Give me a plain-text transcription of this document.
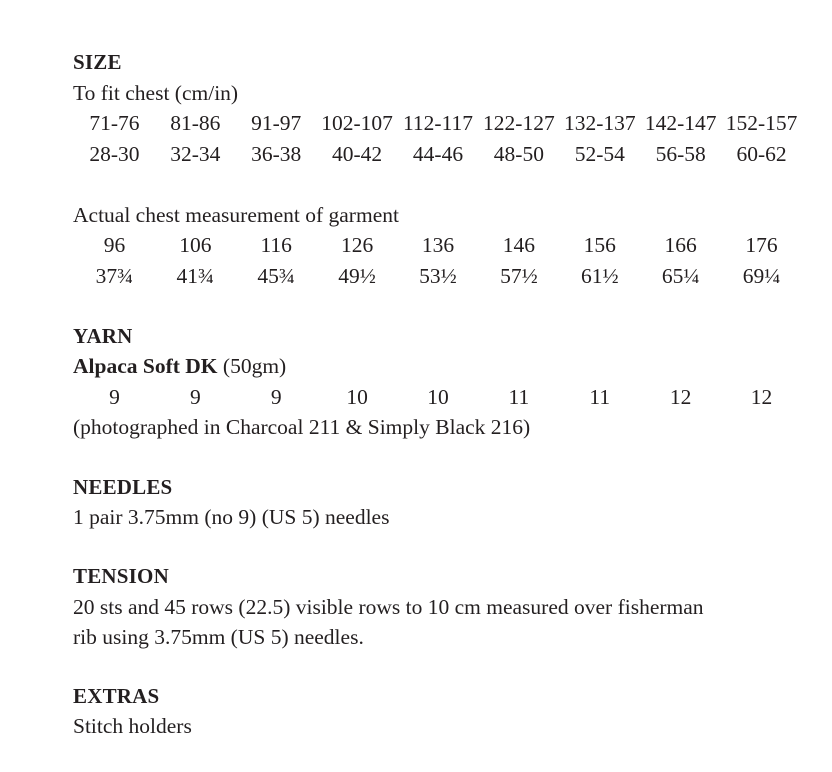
SIZE
To fit chest (cm/in)
71-76	81-86	91-97 102-107 112-117 122-127 132-137 142-147 152-157
28-30	32-34	36-38	40-42	44-46	48-50	52-54	56-58	60-62
Actual chest measurement of garment
96	106	116	126	136	146	156	166	176
37¾	41¾	45¾	49½	53½	57½	61½	65¼	69¼
YARN
Alpaca Soft DK (50gm)
9	9	9	10	10	11	11	12	12
(photographed in Charcoal 211 & Simply Black 216)
NEEDLES
1 pair 3.75mm (no 9) (US 5) needles
TENSION
20 sts and 45 rows (22.5) visible rows to 10 cm measured over fisherman
rib using 3.75mm (US 5) needles.
EXTRAS
Stitch holders
